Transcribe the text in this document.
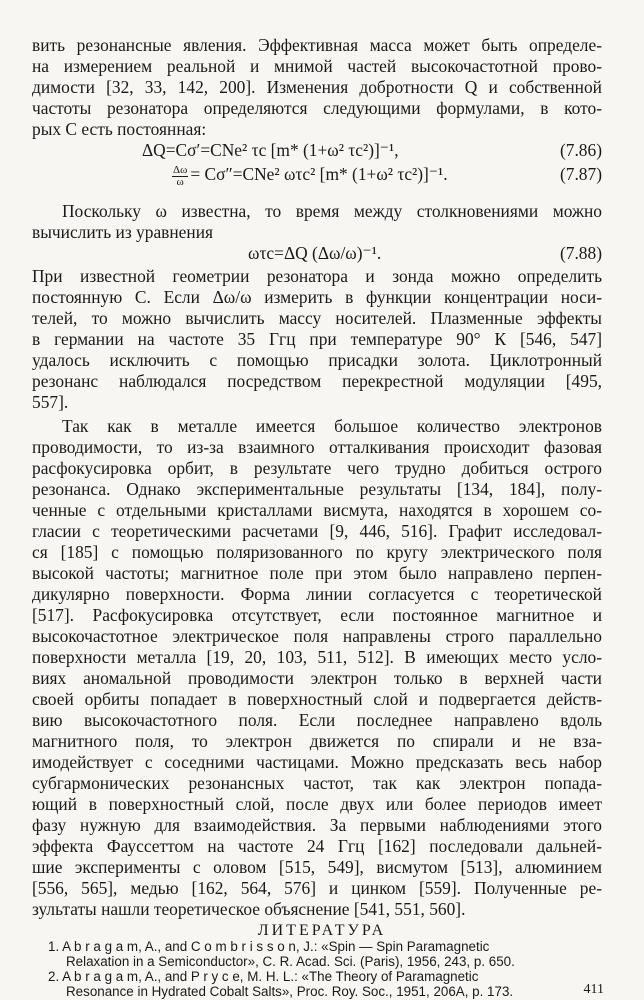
вить резонансные явления. Эффективная масса может быть определе-
на измерением реальной и мнимой частей высокочастотной прово-
димости [32, 33, 142, 200]. Изменения добротности Q и собственной
частоты резонатора определяются следующими формулами, в кото-
рых С есть постоянная:
ΔQ=Cσ′=CNe² τc [m* (1+ω² τc²)]⁻¹,	(7.86)
$\frac{\Delta\omega}{\omega} = C\sigma''=CNe^2$ ωτc² [m* (1+ω² τc²)]⁻¹.	(7.87)
Поскольку ω известна, то время между столкновениями можно
вычислить из уравнения
ωτc=ΔQ (Δω/ω)⁻¹.	(7.88)
При известной геометрии резонатора и зонда можно определить
постоянную С. Если Δω/ω измерить в функции концентрации носи-
телей, то можно вычислить массу носителей. Плазменные эффекты
в германии на частоте 35 Ггц при температуре 90° К [546, 547]
удалось исключить с помощью присадки золота. Циклотронный
резонанс наблюдался посредством перекрестной модуляции [495,
557].
Так как в металле имеется большое количество электронов
проводимости, то из-за взаимного отталкивания происходит фазовая
расфокусировка орбит, в результате чего трудно добиться острого
резонанса. Однако экспериментальные результаты [134, 184], полу-
ченные с отдельными кристаллами висмута, находятся в хорошем со-
гласии с теоретическими расчетами [9, 446, 516]. Графит исследовал-
ся [185] с помощью поляризованного по кругу электрического поля
высокой частоты; магнитное поле при этом было направлено перпен-
дикулярно поверхности. Форма линии согласуется с теоретической
[517]. Расфокусировка отсутствует, если постоянное магнитное и
высокочастотное электрическое поля направлены строго параллельно
поверхности металла [19, 20, 103, 511, 512]. В имеющих место усло-
виях аномальной проводимости электрон только в верхней части
своей орбиты попадает в поверхностный слой и подвергается действ-
вию высокочастотного поля. Если последнее направлено вдоль
магнитного поля, то электрон движется по спирали и не вза-
имодействует с соседними частицами. Можно предсказать весь набор
субгармонических резонансных частот, так как электрон попада-
ющий в поверхностный слой, после двух или более периодов имеет
фазу нужную для взаимодействия. За первыми наблюдениями этого
эффекта Фауссеттом на частоте 24 Ггц [162] последовали дальней-
шие эксперименты с оловом [515, 549], висмутом [513], алюминием
[556, 565], медью [162, 564, 576] и цинком [559]. Полученные ре-
зультаты нашли теоретическое объяснение [541, 551, 560].
ЛИТЕРАТУРА
1. A b r a g a m, A., and C o m b r i s s o n, J.: «Spin — Spin Paramagnetic
Relaxation in a Semiconductor», C. R. Acad. Sci. (Paris), 1956, 243, p. 650.
2. A b r a g a m, A., and P r y c e, M. H. L.: «The Theory of Paramagnetic
Resonance in Hydrated Cobalt Salts», Proc. Roy. Soc., 1951, 206A, p. 173.	411
